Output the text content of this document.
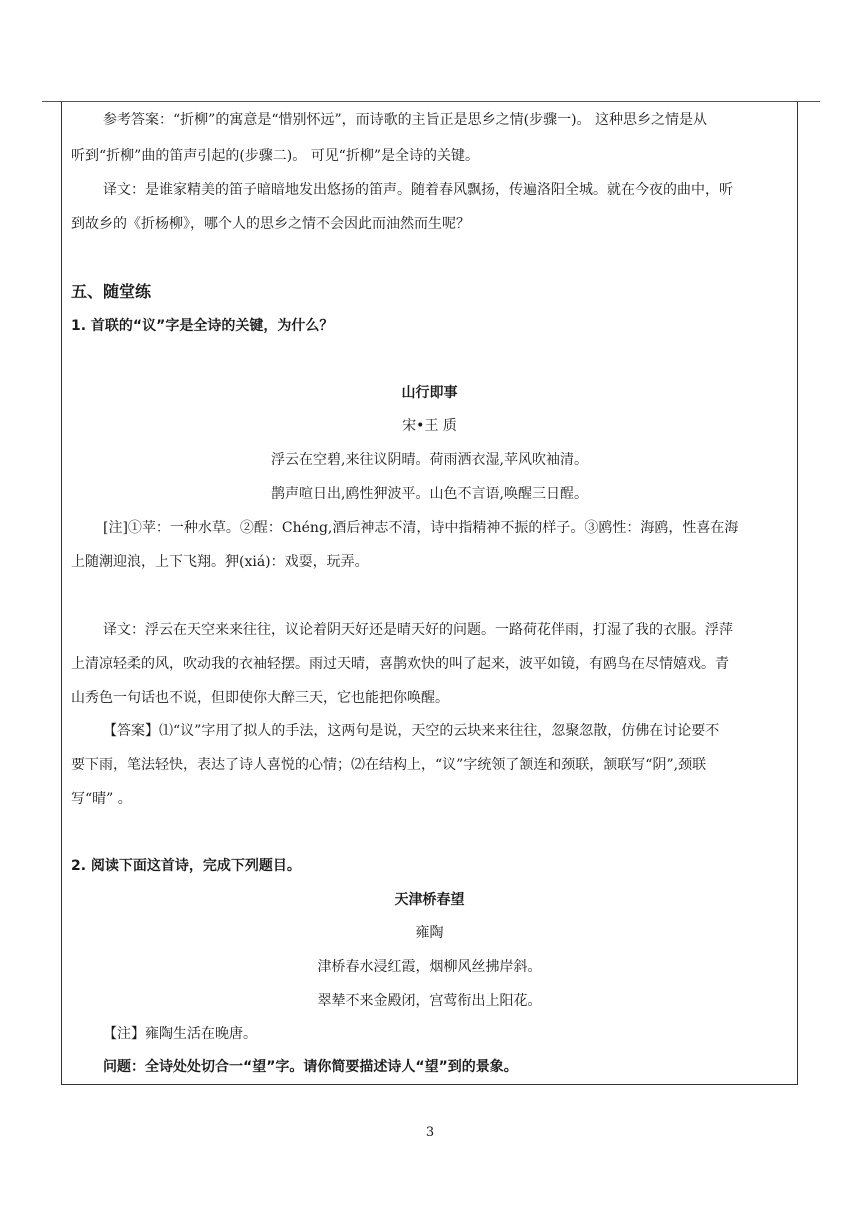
参考答案：“折柳”的寓意是“惜别怀远”，而诗歌的主旨正是思乡之情(步骤一)。 这种思乡之情是从
听到“折柳”曲的笛声引起的(步骤二)。 可见“折柳”是全诗的关键。
译文：是谁家精美的笛子暗暗地发出悠扬的笛声。随着春风飘扬，传遍洛阳全城。就在今夜的曲中，听
到故乡的《折杨柳》，哪个人的思乡之情不会因此而油然而生呢？
五、随堂练
1. 首联的“议”字是全诗的关键，为什么？
山行即事
宋•王 质
浮云在空碧,来往议阴晴。荷雨洒衣湿,苹风吹袖清。
鹊声喧日出,鸥性狎波平。山色不言语,唤醒三日酲。
[注]①苹：一种水草。②酲：Chéng,酒后神志不清，诗中指精神不振的样子。③鸥性：海鸥，性喜在海
上随潮迎浪，上下飞翔。狎(xiá)：戏耍，玩弄。
译文：浮云在天空来来往往，议论着阴天好还是晴天好的问题。一路荷花伴雨，打湿了我的衣服。浮萍
上清凉轻柔的风，吹动我的衣袖轻摆。雨过天晴，喜鹊欢快的叫了起来，波平如镜，有鸥鸟在尽情嬉戏。青
山秀色一句话也不说，但即使你大醉三天，它也能把你唤醒。
【答案】⑴“议”字用了拟人的手法，这两句是说，天空的云块来来往往，忽聚忽散，仿佛在讨论要不
要下雨，笔法轻快，表达了诗人喜悦的心情；⑵在结构上，“议”字统领了颔连和颈联，颔联写“阴”,颈联
写“晴” 。
2. 阅读下面这首诗，完成下列题目。
天津桥春望
雍陶
津桥春水浸红霞，烟柳风丝拂岸斜。
翠辇不来金殿闭，宫莺衔出上阳花。
【注】雍陶生活在晚唐。
问题：全诗处处切合一“望”字。请你简要描述诗人“望”到的景象。
3
